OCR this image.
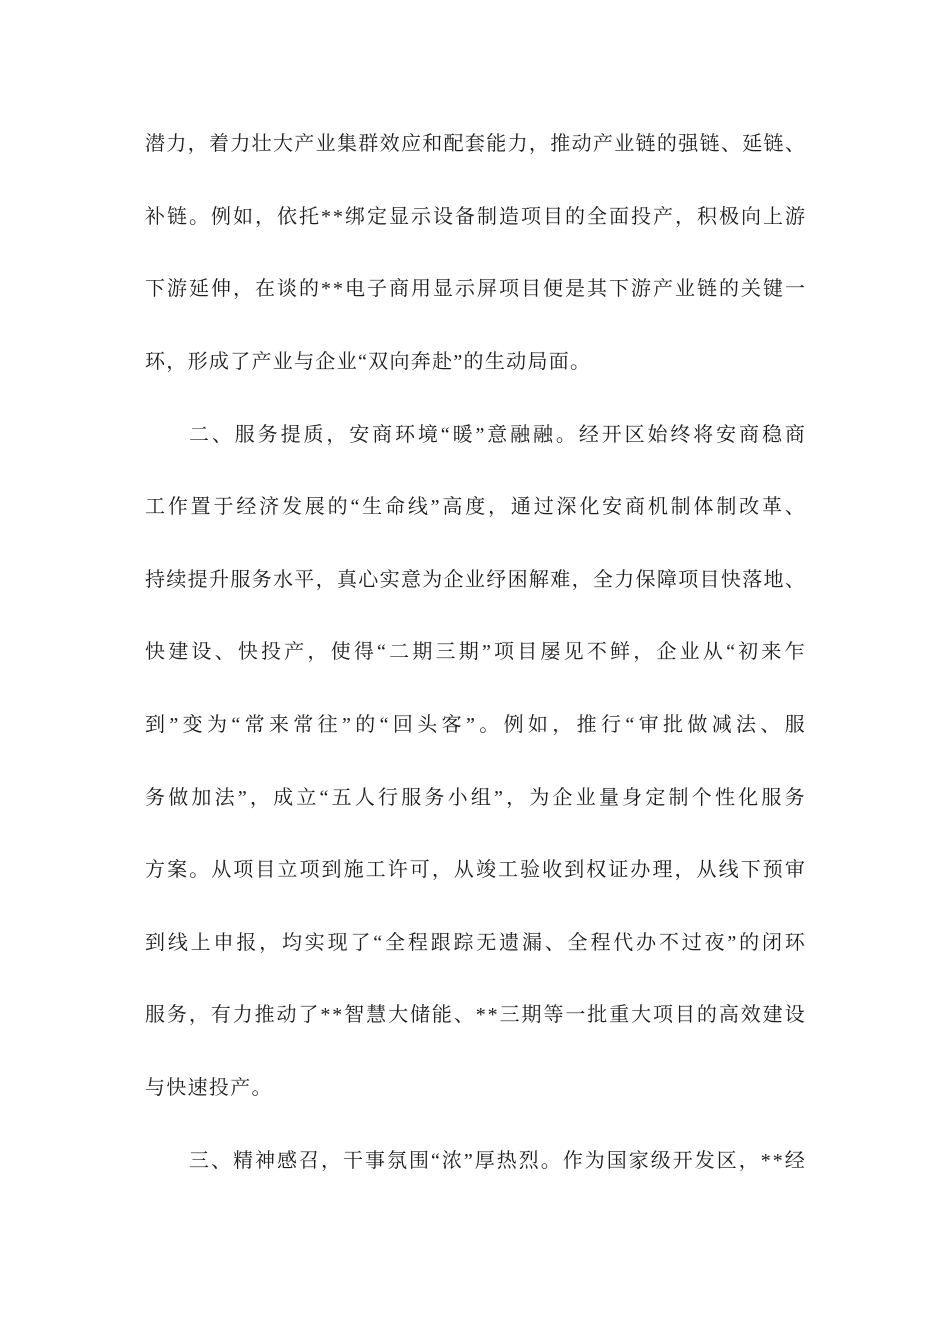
潜 力 ， 着 力 壮 大 产 业 集 群 效 应 和 配 套 能 力 ， 推 动 产 业 链 的 强 链 、 延 链 、
补 链 。 例 如 ， 依 托 * * 绑 定 显 示 设 备 制 造 项 目 的 全 面 投 产 ， 积 极 向 上 游
下 游 延 伸 ， 在 谈 的 * * 电 子 商 用 显 示 屏 项 目 便 是 其 下 游 产 业 链 的 关 键 一
环，形成了产业与企业“双向奔赴”的生动局面。
二 、 服 务 提 质 ， 安 商 环 境 “ 暖 ” 意 融 融 。 经 开 区 始 终 将 安 商 稳 商
工 作 置 于 经 济 发 展 的 “ 生 命 线 ” 高 度 ， 通 过 深 化 安 商 机 制 体 制 改 革 、
持 续 提 升 服 务 水 平 ， 真 心 实 意 为 企 业 纾 困 解 难 ， 全 力 保 障 项 目 快 落 地 、
快 建 设 、 快 投 产 ， 使 得 “ 二 期 三 期 ” 项 目 屡 见 不 鲜 ， 企 业 从 “ 初 来 乍
到 ” 变 为 “ 常 来 常 往 ” 的 “ 回 头 客 ” 。 例 如 ， 推 行 “ 审 批 做 减 法 、 服
务 做 加 法 ” ， 成 立 “ 五 人 行 服 务 小 组 ” ， 为 企 业 量 身 定 制 个 性 化 服 务
方 案 。 从 项 目 立 项 到 施 工 许 可 ， 从 竣 工 验 收 到 权 证 办 理 ， 从 线 下 预 审
到 线 上 申 报 ， 均 实 现 了 “ 全 程 跟 踪 无 遗 漏 、 全 程 代 办 不 过 夜 ” 的 闭 环
服 务 ， 有 力 推 动 了 * * 智 慧 大 储 能 、 * * 三 期 等 一 批 重 大 项 目 的 高 效 建 设
与快速投产。
三 、 精 神 感 召 ， 干 事 氛 围 “ 浓 ” 厚 热 烈 。 作 为 国 家 级 开 发 区 ， * * 经
